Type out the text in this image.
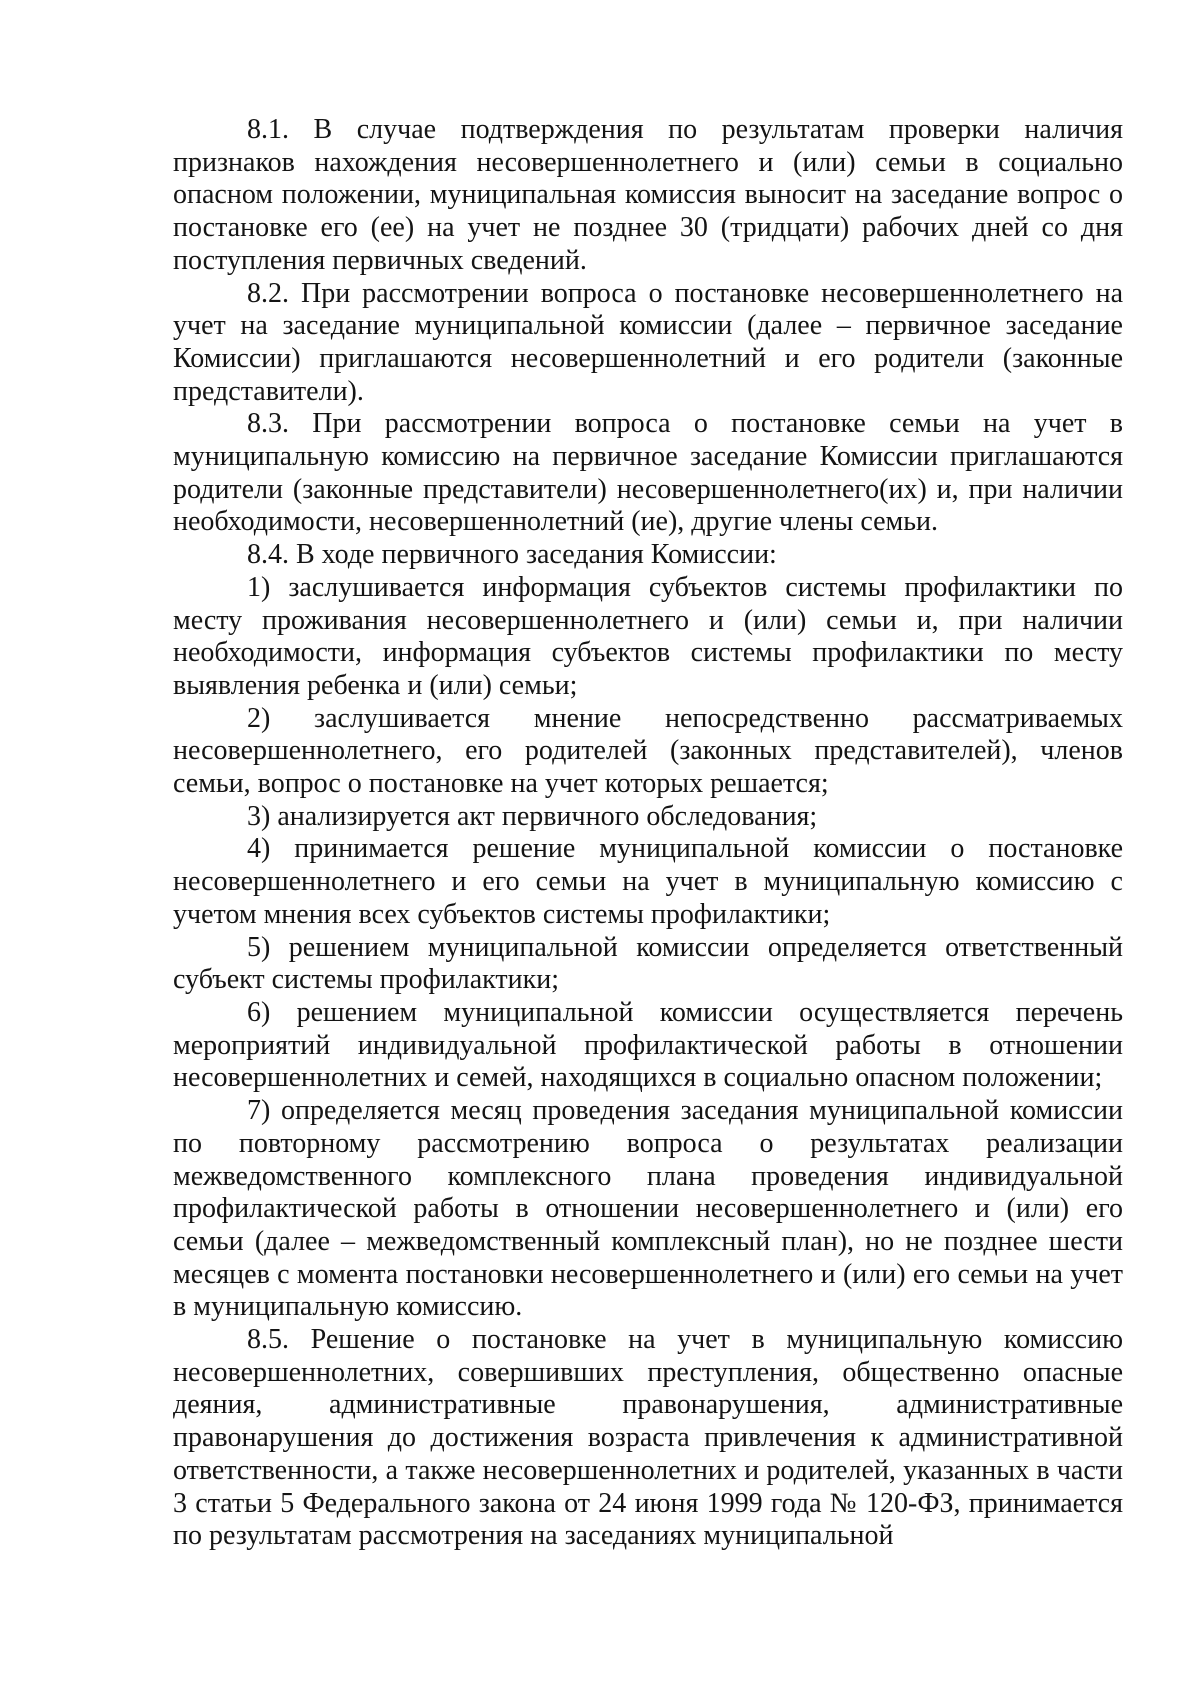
8.1. В случае подтверждения по результатам проверки наличия признаков нахождения несовершеннолетнего и (или) семьи в социально опасном положении, муниципальная комиссия выносит на заседание вопрос о постановке его (ее) на учет не позднее 30 (тридцати) рабочих дней со дня поступления первичных сведений.

8.2. При рассмотрении вопроса о постановке несовершеннолетнего на учет на заседание муниципальной комиссии (далее – первичное заседание Комиссии) приглашаются несовершеннолетний и его родители (законные представители).

8.3. При рассмотрении вопроса о постановке семьи на учет в муниципальную комиссию на первичное заседание Комиссии приглашаются родители (законные представители) несовершеннолетнего(их) и, при наличии необходимости, несовершеннолетний (ие), другие члены семьи.

8.4. В ходе первичного заседания Комиссии:

1) заслушивается информация субъектов системы профилактики по месту проживания несовершеннолетнего и (или) семьи и, при наличии необходимости, информация субъектов системы профилактики по месту выявления ребенка и (или) семьи;

2) заслушивается мнение непосредственно рассматриваемых несовершеннолетнего, его родителей (законных представителей), членов семьи, вопрос о постановке на учет которых решается;

3) анализируется акт первичного обследования;

4) принимается решение муниципальной комиссии о постановке несовершеннолетнего и его семьи на учет в муниципальную комиссию с учетом мнения всех субъектов системы профилактики;

5) решением муниципальной комиссии определяется ответственный субъект системы профилактики;

6) решением муниципальной комиссии осуществляется перечень мероприятий индивидуальной профилактической работы в отношении несовершеннолетних и семей, находящихся в социально опасном положении;

7) определяется месяц проведения заседания муниципальной комиссии по повторному рассмотрению вопроса о результатах реализации межведомственного комплексного плана проведения индивидуальной профилактической работы в отношении несовершеннолетнего и (или) его семьи (далее – межведомственный комплексный план), но не позднее шести месяцев с момента постановки несовершеннолетнего и (или) его семьи на учет в муниципальную комиссию.

8.5. Решение о постановке на учет в муниципальную комиссию несовершеннолетних, совершивших преступления, общественно опасные деяния, административные правонарушения, административные правонарушения до достижения возраста привлечения к административной ответственности, а также несовершеннолетних и родителей, указанных в части 3 статьи 5 Федерального закона от 24 июня 1999 года № 120-ФЗ, принимается по результатам рассмотрения на заседаниях муниципальной
